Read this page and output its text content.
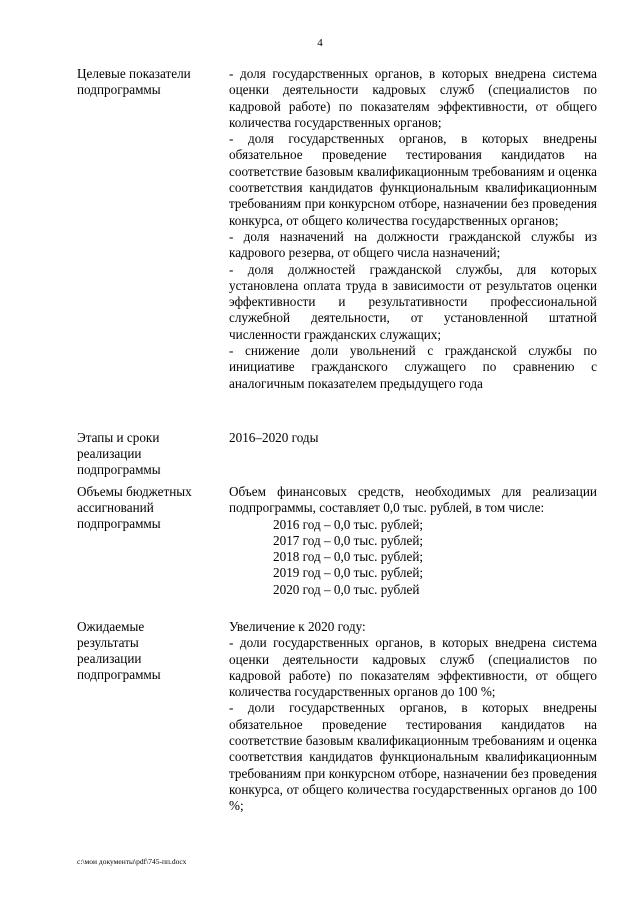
4
Целевые показатели
подпрограммы

- доля государственных органов, в которых внедрена система оценки деятельности кадровых служб (специалистов по кадровой работе) по показателям эффективности, от общего количества государственных органов;

- доля государственных органов, в которых внедрены обязательное проведение тестирования кандидатов на соответствие базовым квалификационным требованиям и оценка соответствия кандидатов функциональным квалификационным требованиям при конкурсном отборе, назначении без проведения конкурса, от общего количества государственных органов;

- доля назначений на должности гражданской службы из кадрового резерва, от общего числа назначений;

- доля должностей гражданской службы, для которых установлена оплата труда в зависимости от результатов оценки эффективности и результативности профессиональной служебной деятельности, от установленной штатной численности гражданских служащих;

- снижение доли увольнений с гражданской службы по инициативе гражданского служащего по сравнению с аналогичным показателем предыдущего года

Этапы и сроки
реализации
подпрограммы

2016–2020 годы

Объемы бюджетных
ассигнований
подпрограммы

Объем финансовых средств, необходимых для реализации подпрограммы, составляет 0,0 тыс. рублей, в том числе:

2016 год – 0,0 тыс. рублей;
2017 год – 0,0 тыс. рублей;
2018 год – 0,0 тыс. рублей;
2019 год – 0,0 тыс. рублей;
2020 год – 0,0 тыс. рублей
Ожидаемые
результаты
реализации
подпрограммы

Увеличение к 2020 году:

- доли государственных органов, в которых внедрена система оценки деятельности кадровых служб (специалистов по кадровой работе) по показателям эффективности, от общего количества государственных органов до 100 %;

- доли государственных органов, в которых внедрены обязательное проведение тестирования кандидатов на соответствие базовым квалификационным требованиям и оценка соответствия кандидатов функциональным квалификационным требованиям при конкурсном отборе, назначении без проведения конкурса, от общего количества государственных органов до 100 %;

c:\мои документы\pdf\745-пп.docx
